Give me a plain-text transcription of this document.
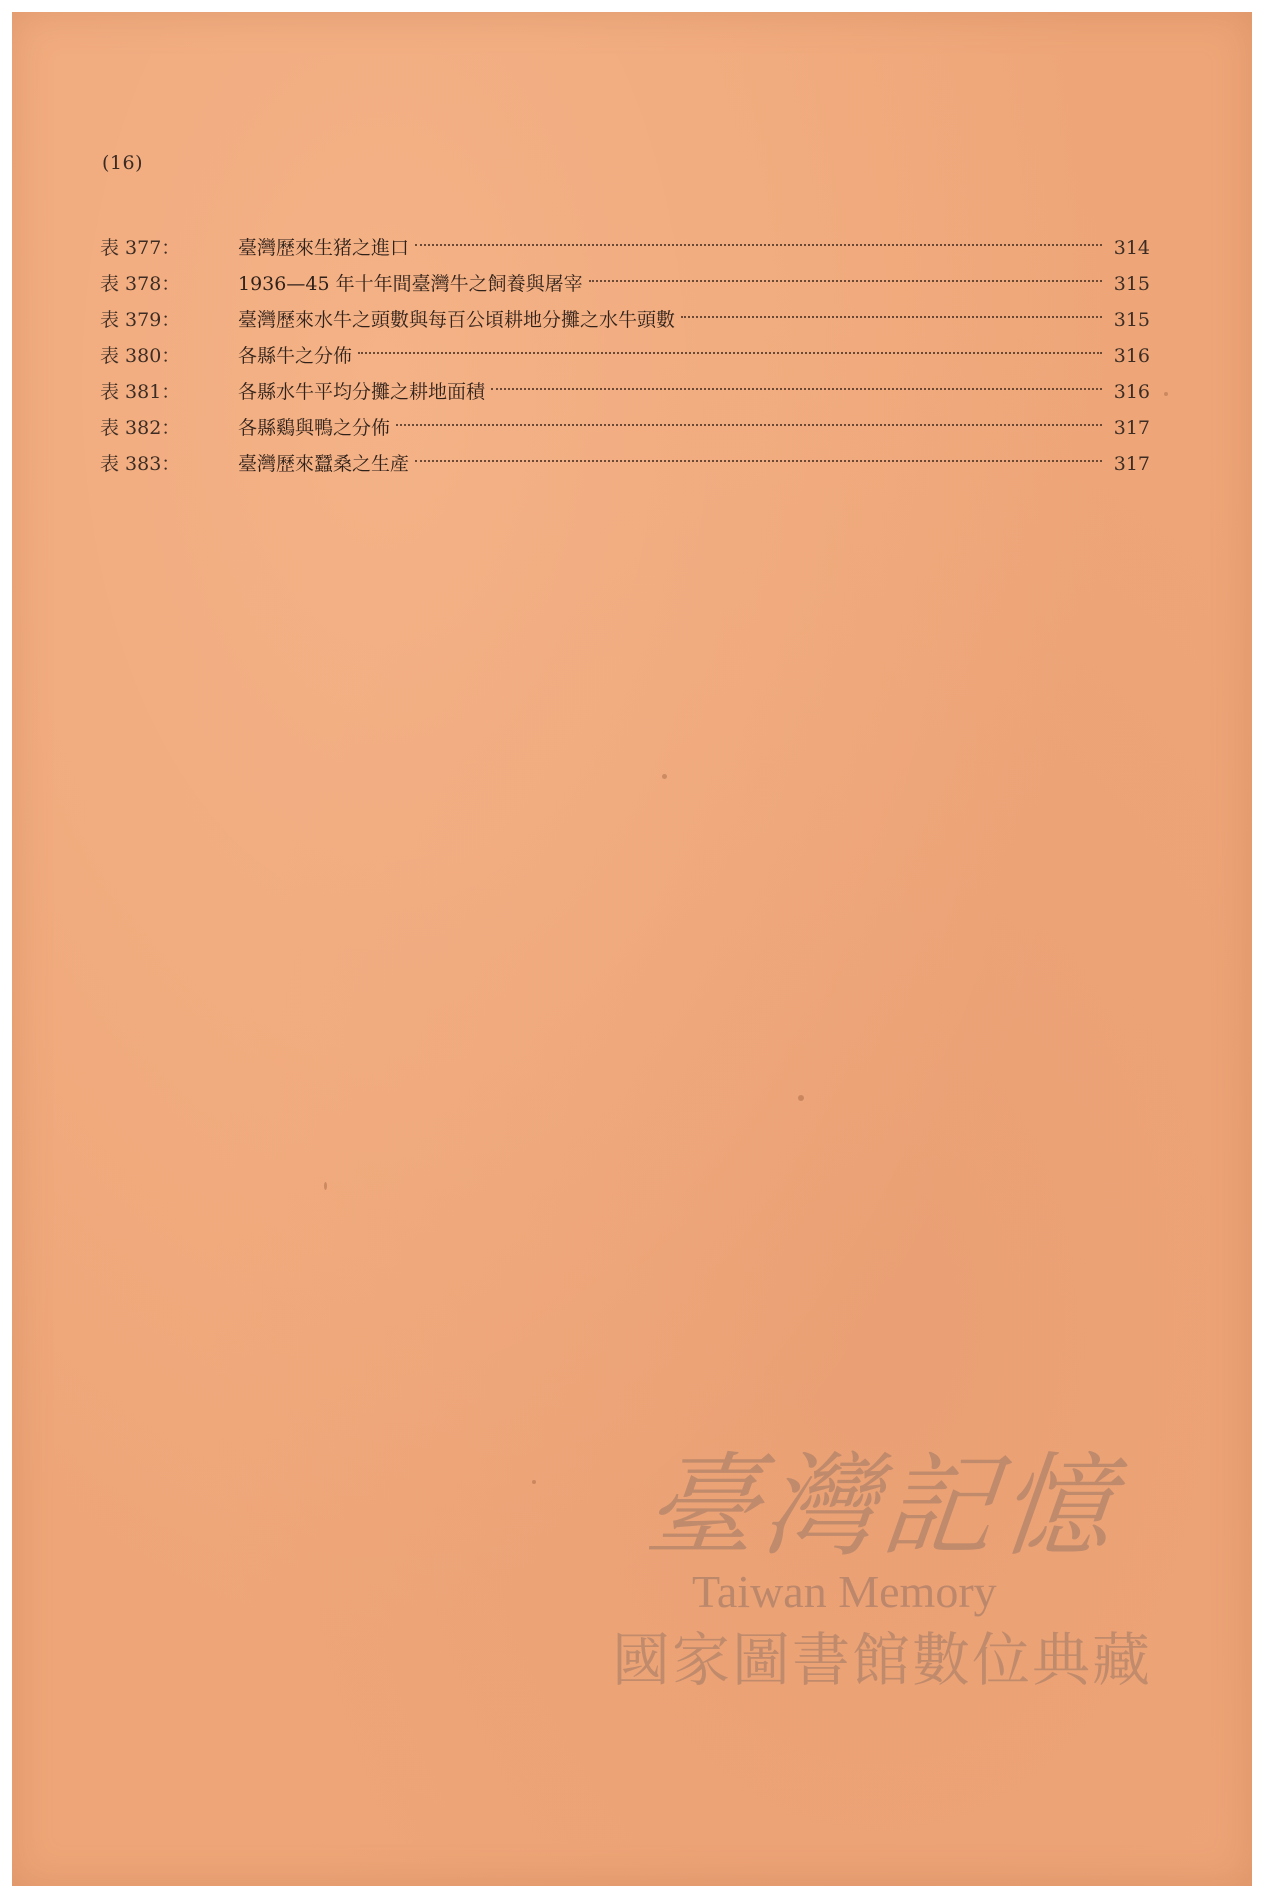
(16)
表 377：	臺灣歷來生猪之進口	314
表 378：	1936—45 年十年間臺灣牛之飼養與屠宰	315
表 379：	臺灣歷來水牛之頭數與每百公頃耕地分攤之水牛頭數	315
表 380：	各縣牛之分佈	316
表 381：	各縣水牛平均分攤之耕地面積	316
表 382：	各縣鷄與鴨之分佈	317
表 383：	臺灣歷來蠶桑之生產	317
臺灣記憶
Taiwan Memory
國家圖書館數位典藏
